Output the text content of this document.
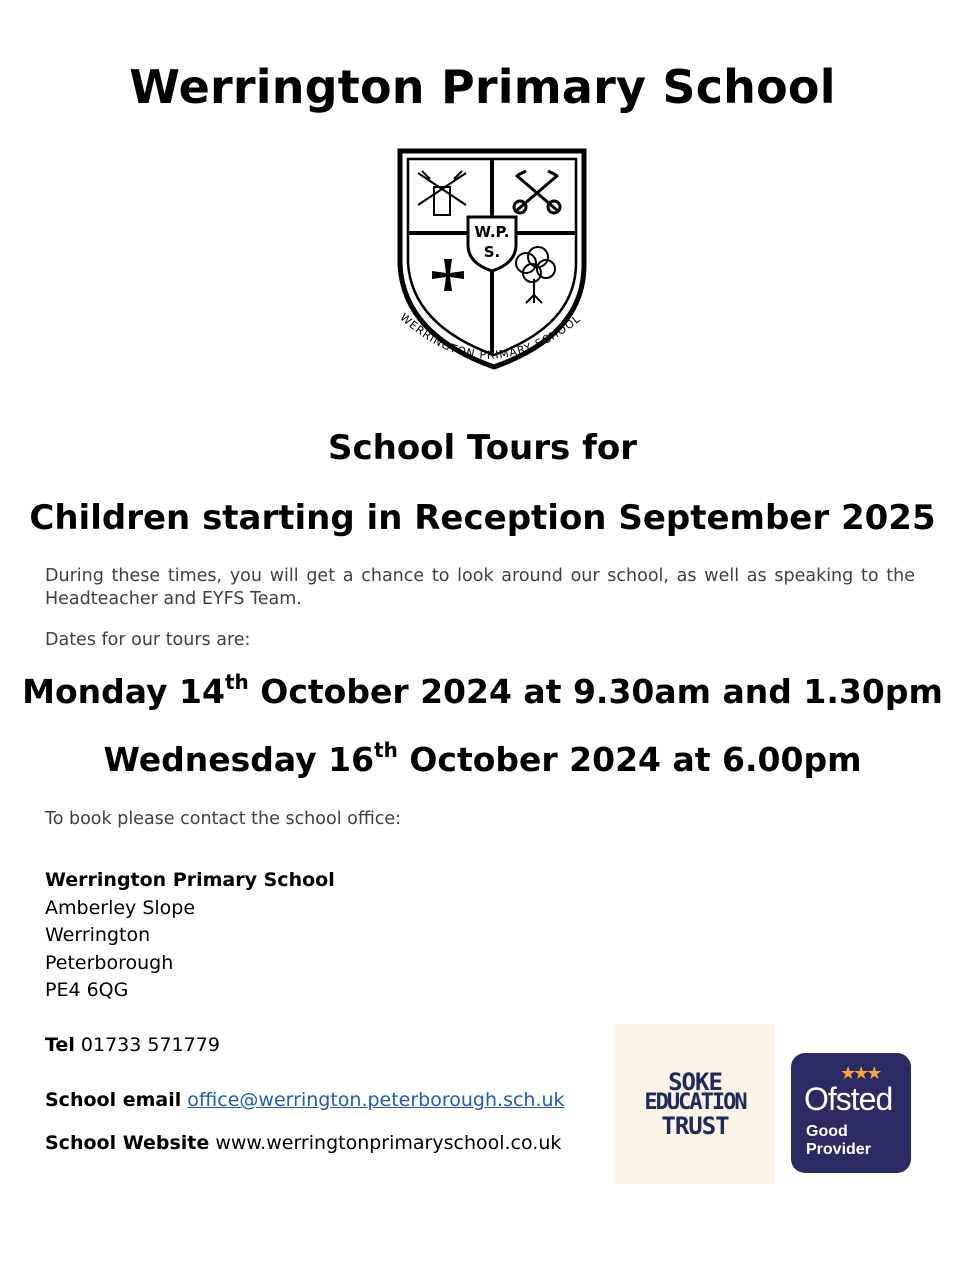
Werrington Primary School
W.P.
S.
WERRINGTON PRIMARY SCHOOL
School Tours for
Children starting in Reception September 2025
During these times, you will get a chance to look around our school, as well as speaking to the Headteacher and EYFS Team.
Dates for our tours are:
Monday 14th October 2024 at 9.30am and 1.30pm
Wednesday 16th October 2024 at 6.00pm
To book please contact the school office:
Werrington Primary School
Amberley Slope
Werrington
Peterborough
PE4 6QG
Tel 01733 571779
School email office@werrington.peterborough.sch.uk
School Website www.werringtonprimaryschool.co.uk
SOKE
EDUCATION
TRUST
★★★
Ofsted
Good
Provider
